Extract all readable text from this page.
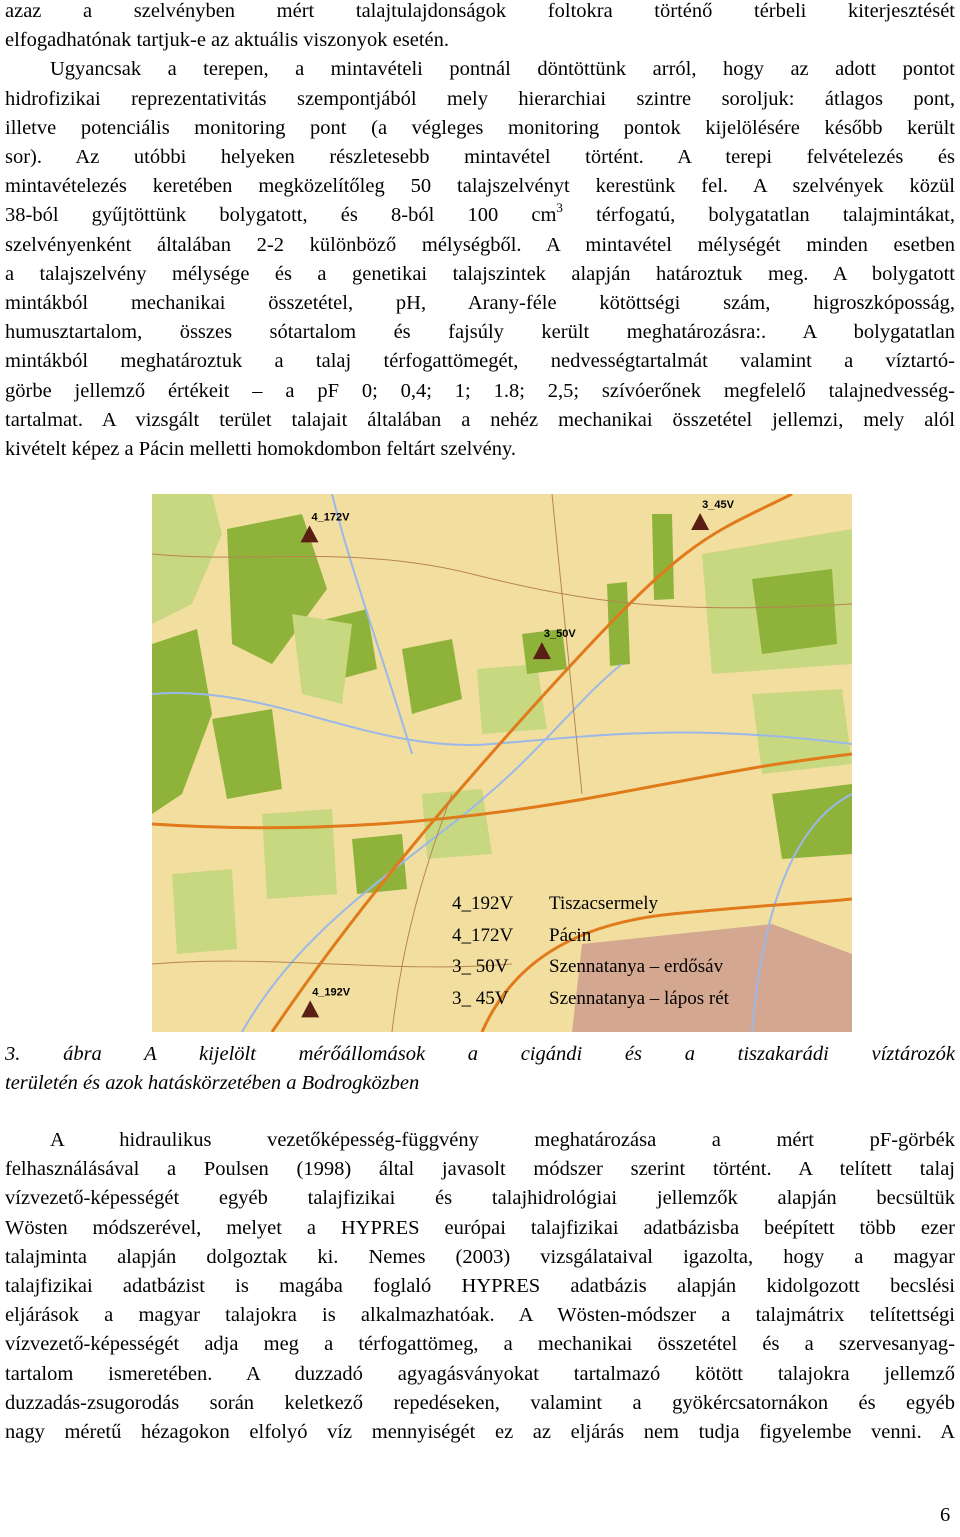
azaz a szelvényben mért talajtulajdonságok foltokra történő térbeli kiterjesztését
elfogadhatónak tartjuk-e az aktuális viszonyok esetén.
Ugyancsak a terepen, a mintavételi pontnál döntöttünk arról, hogy az adott pontot
hidrofizikai reprezentativitás szempontjából mely hierarchiai szintre soroljuk: átlagos pont,
illetve potenciális monitoring pont (a végleges monitoring pontok kijelölésére később került
sor). Az utóbbi helyeken részletesebb mintavétel történt. A terepi felvételezés és
mintavételezés keretében megközelítőleg 50 talajszelvényt kerestünk fel. A szelvények közül
38-ból gyűjtöttünk bolygatott, és 8-ból 100 $cm^3$ térfogatú, bolygatatlan talajmintákat,
szelvényenként általában 2-2 különböző mélységből. A mintavétel mélységét minden esetben
a talajszelvény mélysége és a genetikai talajszintek alapján határoztuk meg. A bolygatott
mintákból mechanikai összetétel, pH, Arany-féle kötöttségi szám, higroszkóposság,
humusztartalom, összes sótartalom és fajsúly került meghatározásra:. A bolygatatlan
mintákból meghatároztuk a talaj térfogattömegét, nedvességtartalmát valamint a víztartó-
görbe jellemző értékeit – a pF 0; 0,4; 1; 1.8; 2,5; szívóerőnek megfelelő talajnedvesség-
tartalmat. A vizsgált terület talajait általában a nehéz mechanikai összetétel jellemzi, mely alól
kivételt képez a Pácin melletti homokdombon feltárt szelvény.
4_172V
3_45V
3_50V
4_192V
4_192V	Tiszacsermely
4_172V	Pácin
3_ 50V	Szennatanya – erdősáv
3_ 45V	Szennatanya – lápos rét
3. ábra A kijelölt mérőállomások a cigándi és a tiszakarádi víztározók
területén és azok hatáskörzetében a Bodrogközben
A hidraulikus vezetőképesség-függvény meghatározása a mért pF-görbék
felhasználásával a Poulsen (1998) által javasolt módszer szerint történt. A telített talaj
vízvezető-képességét egyéb talajfizikai és talajhidrológiai jellemzők alapján becsültük
Wösten módszerével, melyet a HYPRES európai talajfizikai adatbázisba beépített több ezer
talajminta alapján dolgoztak ki. Nemes (2003) vizsgálataival igazolta, hogy a magyar
talajfizikai adatbázist is magába foglaló HYPRES adatbázis alapján kidolgozott becslési
eljárások a magyar talajokra is alkalmazhatóak. A Wösten-módszer a talajmátrix telítettségi
vízvezető-képességét adja meg a térfogattömeg, a mechanikai összetétel és a szervesanyag-
tartalom ismeretében. A duzzadó agyagásványokat tartalmazó kötött talajokra jellemző
duzzadás-zsugorodás során keletkező repedéseken, valamint a gyökércsatornákon és egyéb
nagy méretű hézagokon elfolyó víz mennyiségét ez az eljárás nem tudja figyelembe venni. A
6
